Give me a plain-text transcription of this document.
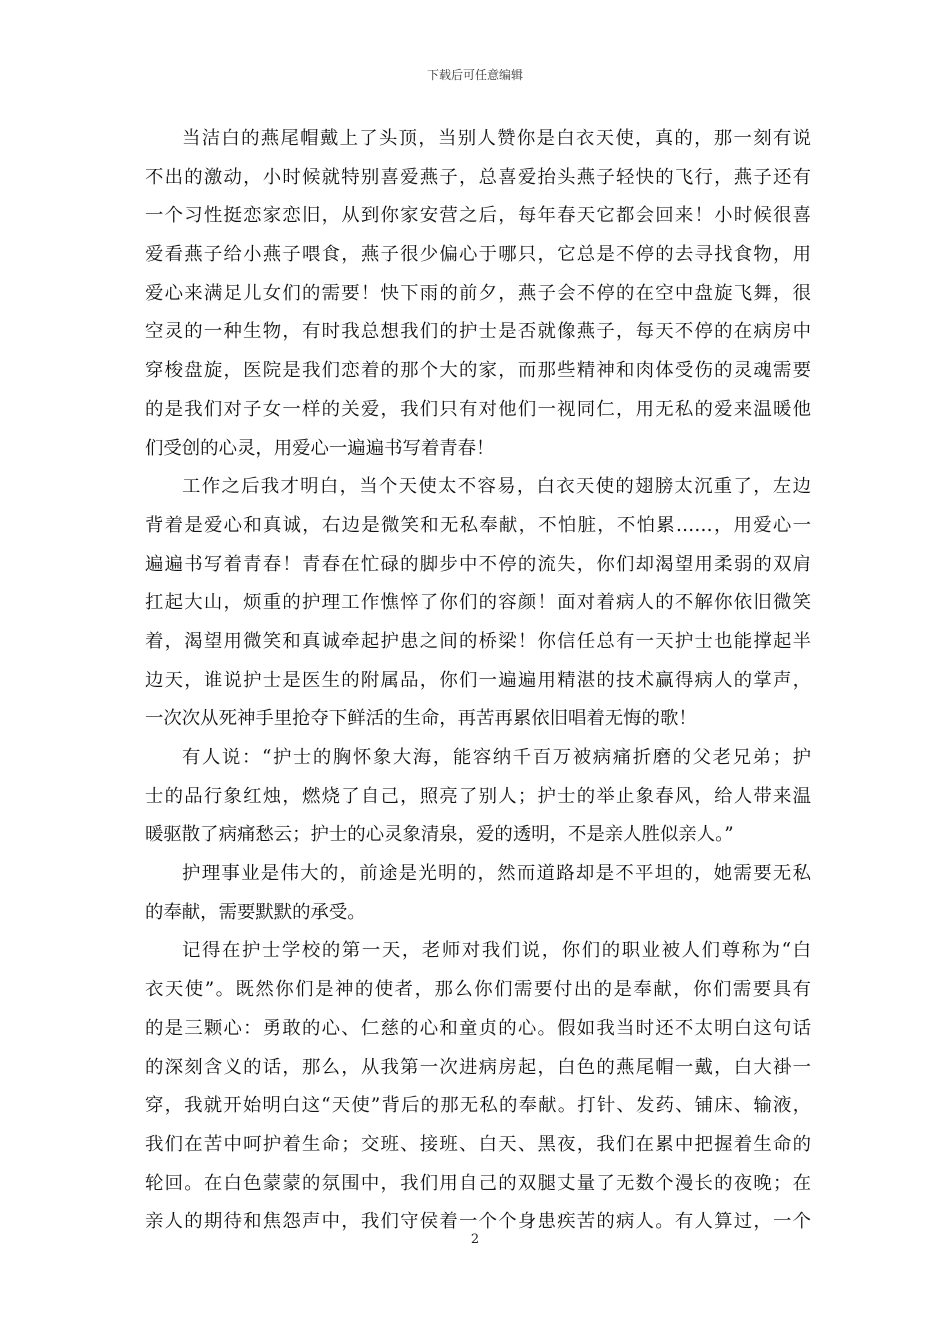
下载后可任意编辑
当洁白的燕尾帽戴上了头顶，当别人赞你是白衣天使，真的，那一刻有说
不出的激动，小时候就特别喜爱燕子，总喜爱抬头燕子轻快的飞行，燕子还有
一个习性挺恋家恋旧，从到你家安营之后，每年春天它都会回来！小时候很喜
爱看燕子给小燕子喂食，燕子很少偏心于哪只，它总是不停的去寻找食物，用
爱心来满足儿女们的需要！快下雨的前夕，燕子会不停的在空中盘旋飞舞，很
空灵的一种生物，有时我总想我们的护士是否就像燕子，每天不停的在病房中
穿梭盘旋，医院是我们恋着的那个大的家，而那些精神和肉体受伤的灵魂需要
的是我们对子女一样的关爱，我们只有对他们一视同仁，用无私的爱来温暖他
们受创的心灵，用爱心一遍遍书写着青春！
工作之后我才明白，当个天使太不容易，白衣天使的翅膀太沉重了，左边
背着是爱心和真诚，右边是微笑和无私奉献，不怕脏，不怕累……，用爱心一
遍遍书写着青春！青春在忙碌的脚步中不停的流失，你们却渴望用柔弱的双肩
扛起大山，烦重的护理工作憔悴了你们的容颜！面对着病人的不解你依旧微笑
着，渴望用微笑和真诚牵起护患之间的桥梁！你信任总有一天护士也能撑起半
边天，谁说护士是医生的附属品，你们一遍遍用精湛的技术赢得病人的掌声，
一次次从死神手里抢夺下鲜活的生命，再苦再累依旧唱着无悔的歌！
有人说：“护士的胸怀象大海，能容纳千百万被病痛折磨的父老兄弟；护
士的品行象红烛，燃烧了自己，照亮了别人；护士的举止象春风，给人带来温
暖驱散了病痛愁云；护士的心灵象清泉，爱的透明，不是亲人胜似亲人。”
护理事业是伟大的，前途是光明的，然而道路却是不平坦的，她需要无私
的奉献，需要默默的承受。
记得在护士学校的第一天，老师对我们说，你们的职业被人们尊称为“白
衣天使”。既然你们是神的使者，那么你们需要付出的是奉献，你们需要具有
的是三颗心：勇敢的心、仁慈的心和童贞的心。假如我当时还不太明白这句话
的深刻含义的话，那么，从我第一次进病房起，白色的燕尾帽一戴，白大褂一
穿，我就开始明白这“天使”背后的那无私的奉献。打针、发药、铺床、输液，
我们在苦中呵护着生命；交班、接班、白天、黑夜，我们在累中把握着生命的
轮回。在白色蒙蒙的氛围中，我们用自己的双腿丈量了无数个漫长的夜晚；在
亲人的期待和焦怨声中，我们守侯着一个个身患疾苦的病人。有人算过，一个
2
